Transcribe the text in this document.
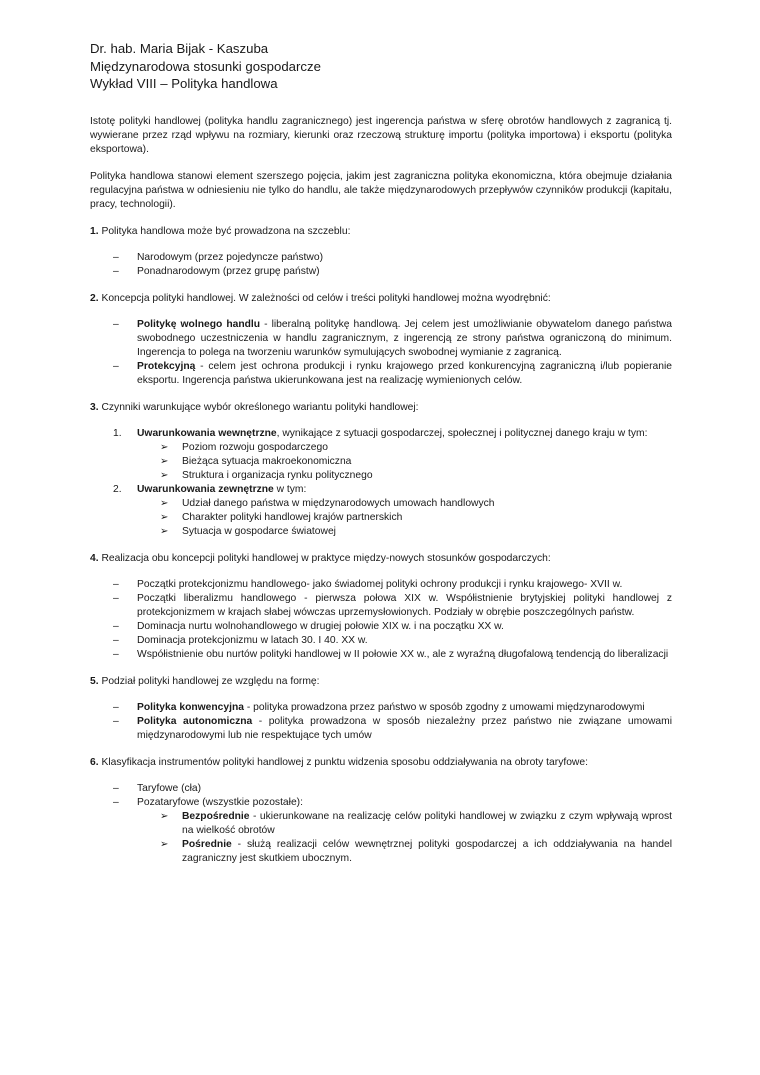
Dr. hab. Maria Bijak - Kaszuba
Międzynarodowa stosunki gospodarcze
Wykład VIII – Polityka handlowa

Istotę polityki handlowej (polityka handlu zagranicznego) jest ingerencja państwa w sferę obrotów handlowych z zagranicą tj. wywierane przez rząd wpływu na rozmiary, kierunki oraz rzeczową strukturę importu (polityka importowa) i eksportu (polityka eksportowa).

Polityka handlowa stanowi element szerszego pojęcia, jakim jest zagraniczna polityka ekonomiczna, która obejmuje działania regulacyjna państwa w odniesieniu nie tylko do handlu, ale także międzynarodowych przepływów czynników produkcji (kapitału, pracy, technologii).

1. Polityka handlowa może być prowadzona na szczeblu:
– Narodowym (przez pojedyncze państwo)
– Ponadnarodowym (przez grupę państw)
2. Koncepcja polityki handlowej. W zależności od celów i treści polityki handlowej można wyodrębnić:
– Politykę wolnego handlu - liberalną politykę handlową. Jej celem jest umożliwianie obywatelom danego państwa swobodnego uczestniczenia w handlu zagranicznym, z ingerencją ze strony państwa ograniczoną do minimum. Ingerencja to polega na tworzeniu warunków symulujących swobodnej wymianie z zagranicą.
– Protekcyjną - celem jest ochrona produkcji i rynku krajowego przed konkurencyjną zagraniczną i/lub popieranie eksportu. Ingerencja państwa ukierunkowana jest na realizację wymienionych celów.
3. Czynniki warunkujące wybór określonego wariantu polityki handlowej:
1. Uwarunkowania wewnętrzne, wynikające z sytuacji gospodarczej, społecznej i politycznej danego kraju w tym:
➢ Poziom rozwoju gospodarczego
➢ Bieżąca sytuacja makroekonomiczna
➢ Struktura i organizacja rynku politycznego
2. Uwarunkowania zewnętrzne w tym:
➢ Udział danego państwa w międzynarodowych umowach handlowych
➢ Charakter polityki handlowej krajów partnerskich
➢ Sytuacja w gospodarce światowej
4. Realizacja obu koncepcji polityki handlowej w praktyce między-nowych stosunków gospodarczych:
– Początki protekcjonizmu handlowego- jako świadomej polityki ochrony produkcji i rynku krajowego- XVII w.
– Początki liberalizmu handlowego - pierwsza połowa XIX w. Współistnienie brytyjskiej polityki handlowej z protekcjonizmem w krajach słabej wówczas uprzemysłowionych. Podziały w obrębie poszczególnych państw.
– Dominacja nurtu wolnohandlowego w drugiej połowie XIX w. i na początku XX w.
– Dominacja protekcjonizmu w latach 30. I 40. XX w.
– Współistnienie obu nurtów polityki handlowej w II połowie XX w., ale z wyraźną długofalową tendencją do liberalizacji
5. Podział polityki handlowej ze względu na formę:
– Polityka konwencyjna - polityka prowadzona przez państwo w sposób zgodny z umowami międzynarodowymi
– Polityka autonomiczna - polityka prowadzona w sposób niezależny przez państwo nie związane umowami międzynarodowymi lub nie respektujące tych umów
6. Klasyfikacja instrumentów polityki handlowej z punktu widzenia sposobu oddziaływania na obroty taryfowe:
– Taryfowe (cła)
– Pozataryfowe (wszystkie pozostałe):
➢ Bezpośrednie - ukierunkowane na realizację celów polityki handlowej w związku z czym wpływają wprost na wielkość obrotów
➢ Pośrednie - służą realizacji celów wewnętrznej polityki gospodarczej a ich oddziaływania na handel zagraniczny jest skutkiem ubocznym.
